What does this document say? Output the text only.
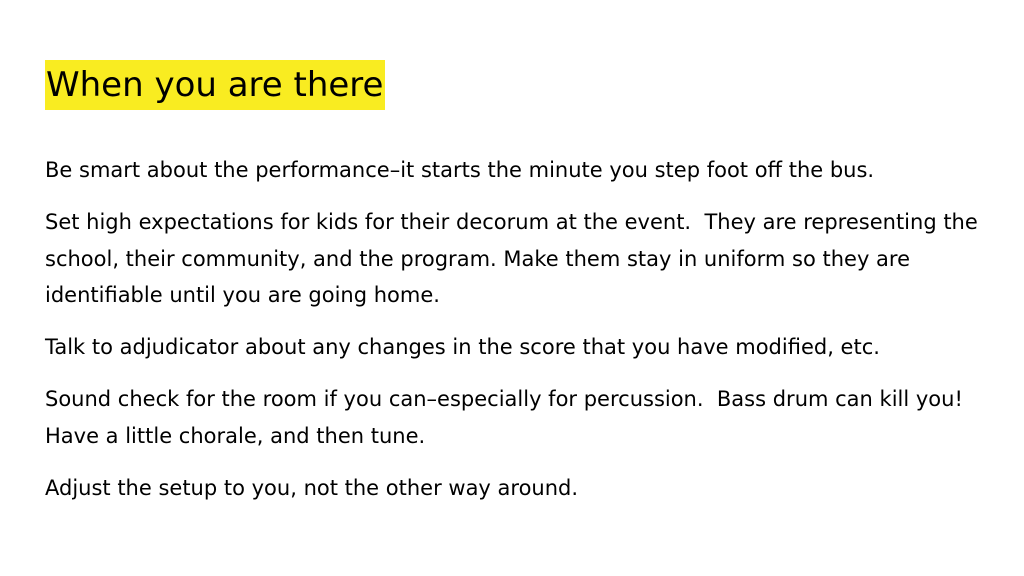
When you are there

Be smart about the performance–it starts the minute you step foot off the bus.

Set high expectations for kids for their decorum at the event.  They are representing the school, their community, and the program. Make them stay in uniform so they are identifiable until you are going home.

Talk to adjudicator about any changes in the score that you have modified, etc.

Sound check for the room if you can–especially for percussion.  Bass drum can kill you!  Have a little chorale, and then tune.

Adjust the setup to you, not the other way around.
